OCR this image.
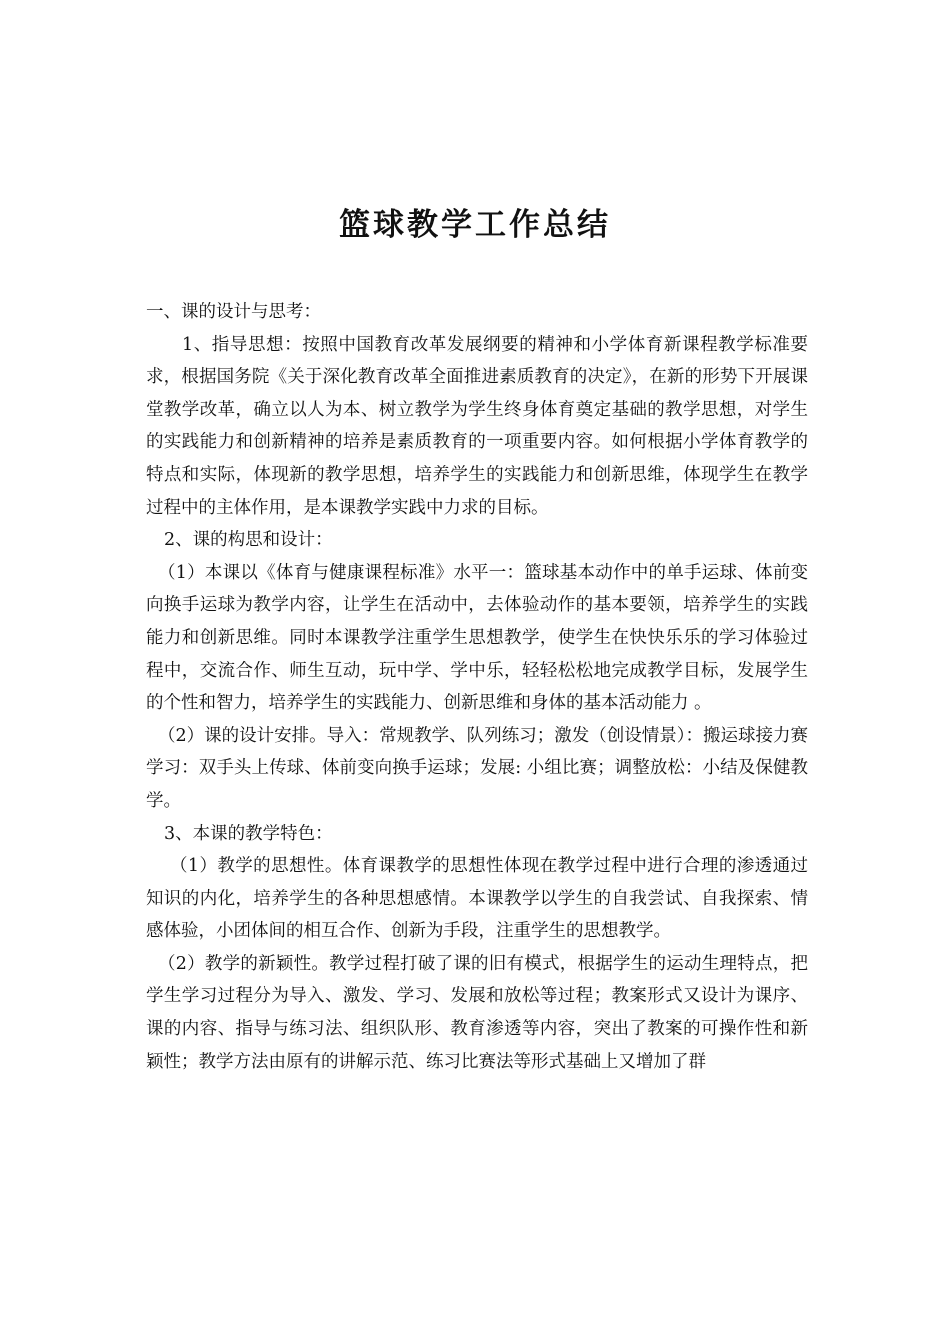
篮球教学工作总结

一、课的设计与思考：

1、指导思想：按照中国教育改革发展纲要的精神和小学体育新课程教学标准要求，根据国务院《关于深化教育改革全面推进素质教育的决定》，在新的形势下开展课堂教学改革，确立以人为本、树立教学为学生终身体育奠定基础的教学思想，对学生的实践能力和创新精神的培养是素质教育的一项重要内容。如何根据小学体育教学的特点和实际，体现新的教学思想，培养学生的实践能力和创新思维，体现学生在教学过程中的主体作用，是本课教学实践中力求的目标。

2、课的构思和设计：

（1）本课以《体育与健康课程标准》水平一：篮球基本动作中的单手运球、体前变向换手运球为教学内容，让学生在活动中，去体验动作的基本要领，培养学生的实践能力和创新思维。同时本课教学注重学生思想教学，使学生在快快乐乐的学习体验过程中，交流合作、师生互动，玩中学、学中乐，轻轻松松地完成教学目标，发展学生的个性和智力，培养学生的实践能力、创新思维和身体的基本活动能力 。

（2）课的设计安排。导入：常规教学、队列练习；激发（创设情景）：搬运球接力赛学习：双手头上传球、体前变向换手运球；发展: 小组比赛；调整放松：小结及保健教学。

3、本课的教学特色：

（1）教学的思想性。体育课教学的思想性体现在教学过程中进行合理的渗透通过知识的内化，培养学生的各种思想感情。本课教学以学生的自我尝试、自我探索、情感体验，小团体间的相互合作、创新为手段，注重学生的思想教学。

（2）教学的新颖性。教学过程打破了课的旧有模式，根据学生的运动生理特点，把学生学习过程分为导入、激发、学习、发展和放松等过程；教案形式又设计为课序、课的内容、指导与练习法、组织队形、教育渗透等内容，突出了教案的可操作性和新颖性；教学方法由原有的讲解示范、练习比赛法等形式基础上又增加了群
